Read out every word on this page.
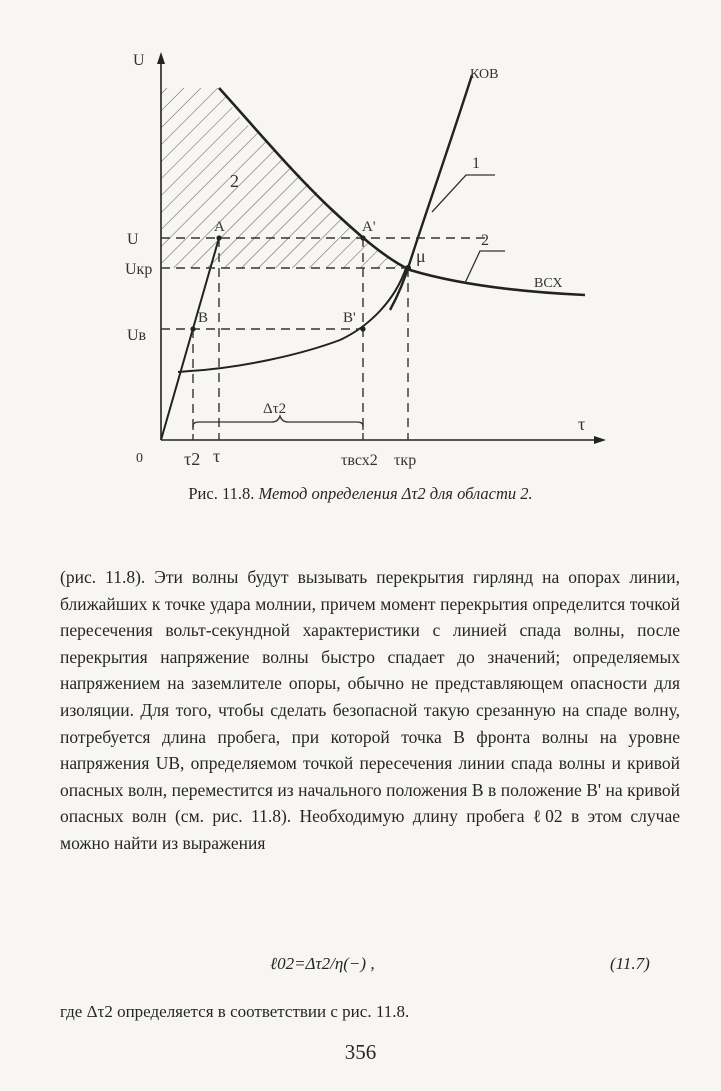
U
τ
0
U
Uкр
Uв
A	A'
B	B'
μ
КОВ
ВСХ
2
1
2
Δτ2
τ2 τ	τвсх2 τкр
Рис. 11.8. Метод определения Δτ2 для области 2.

(рис. 11.8). Эти волны будут вызывать перекрытия гирлянд на опорах линии, ближайших к точке удара молнии, причем момент перекрытия определится точкой пересечения вольт-секундной характеристики с линией спада волны, после перекрытия напряжение волны быстро спадает до значений; определяемых напряжением на заземлителе опоры, обычно не представляющем опасности для изоляции. Для того, чтобы сделать безопасной такую срезанную на спаде волну, потребуется длина пробега, при которой точка B фронта волны на уровне напряжения UB, определяемом точкой пересечения линии спада волны и кривой опасных волн, переместится из начального положения B в положение B' на кривой опасных волн (см. рис. 11.8). Необходимую длину пробега ℓ02 в этом случае можно найти из выражения

ℓ02=Δτ2/η(−) ,	(11.7)
где Δτ2 определяется в соответствии с рис. 11.8.
356
